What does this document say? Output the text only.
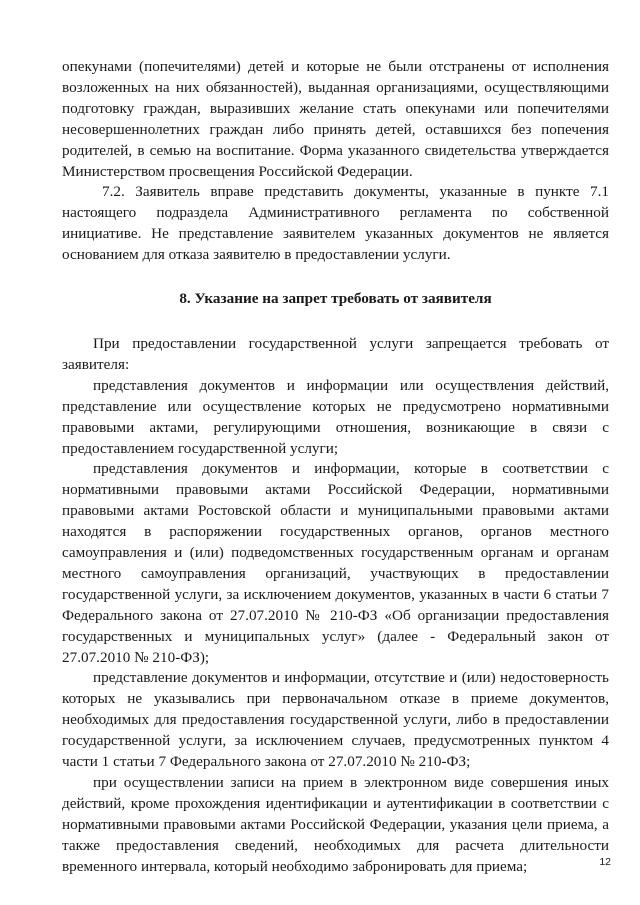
опекунами (попечителями) детей и которые не были отстранены от исполнения возложенных на них обязанностей), выданная организациями, осуществляющими подготовку граждан, выразивших желание стать опекунами или попечителями несовершеннолетних граждан либо принять детей, оставшихся без попечения родителей, в семью на воспитание. Форма указанного свидетельства утверждается Министерством просвещения Российской Федерации.

7.2. Заявитель вправе представить документы, указанные в пункте 7.1 настоящего подраздела Административного регламента по собственной инициативе. Не представление заявителем указанных документов не является основанием для отказа заявителю в предоставлении услуги.

8. Указание на запрет требовать от заявителя

При предоставлении государственной услуги запрещается требовать от заявителя:

представления документов и информации или осуществления действий, представление или осуществление которых не предусмотрено нормативными правовыми актами, регулирующими отношения, возникающие в связи с предоставлением государственной услуги;

представления документов и информации, которые в соответствии с нормативными правовыми актами Российской Федерации, нормативными правовыми актами Ростовской области и муниципальными правовыми актами находятся в распоряжении государственных органов, органов местного самоуправления и (или) подведомственных государственным органам и органам местного самоуправления организаций, участвующих в предоставлении государственной услуги, за исключением документов, указанных в части 6 статьи 7 Федерального закона от 27.07.2010 № 210-ФЗ «Об организации предоставления государственных и муниципальных услуг» (далее - Федеральный закон от 27.07.2010 № 210-ФЗ);

представление документов и информации, отсутствие и (или) недостоверность которых не указывались при первоначальном отказе в приеме документов, необходимых для предоставления государственной услуги, либо в предоставлении государственной услуги, за исключением случаев, предусмотренных пунктом 4 части 1 статьи 7 Федерального закона от 27.07.2010 № 210-ФЗ;

при осуществлении записи на прием в электронном виде совершения иных действий, кроме прохождения идентификации и аутентификации в соответствии с нормативными правовыми актами Российской Федерации, указания цели приема, а также предоставления сведений, необходимых для расчета длительности временного интервала, который необходимо забронировать для приема;	12
